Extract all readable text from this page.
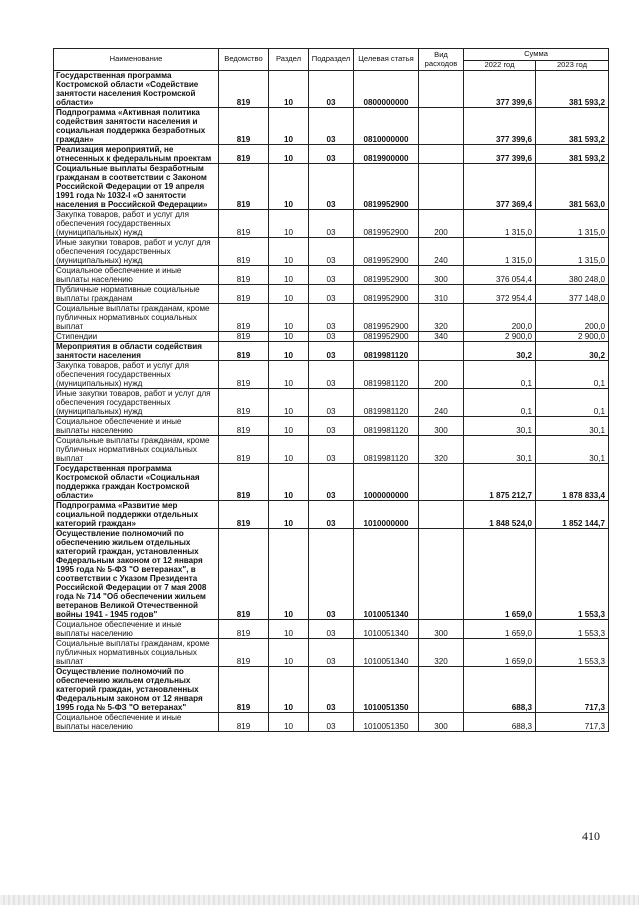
Наименование	Ведомство	Раздел	Подраздел	Целевая статья	Вид расходов	Сумма	
						2022 год	2023 год
Государственная программа Костромской области «Содействие занятости населения Костромской области»	819	10	03	0800000000		377 399,6	381 593,2
Подпрограмма «Активная политика содействия занятости населения и социальная поддержка безработных граждан»	819	10	03	0810000000		377 399,6	381 593,2
Реализация мероприятий, не отнесенных к федеральным проектам	819	10	03	0819900000		377 399,6	381 593,2
Социальные выплаты безработным гражданам в соответствии с Законом Российской Федерации от 19 апреля 1991 года № 1032-I «О занятости населения в Российской Федерации»	819	10	03	0819952900		377 369,4	381 563,0
Закупка товаров, работ и услуг для обеспечения государственных (муниципальных) нужд	819	10	03	0819952900	200	1 315,0	1 315,0
Иные закупки товаров, работ и услуг для обеспечения государственных (муниципальных) нужд	819	10	03	0819952900	240	1 315,0	1 315,0
Социальное обеспечение и иные выплаты населению	819	10	03	0819952900	300	376 054,4	380 248,0
Публичные нормативные социальные выплаты гражданам	819	10	03	0819952900	310	372 954,4	377 148,0
Социальные выплаты гражданам, кроме публичных нормативных социальных выплат	819	10	03	0819952900	320	200,0	200,0
Стипендии	819	10	03	0819952900	340	2 900,0	2 900,0
Мероприятия в области содействия занятости населения	819	10	03	0819981120		30,2	30,2
Закупка товаров, работ и услуг для обеспечения государственных (муниципальных) нужд	819	10	03	0819981120	200	0,1	0,1
Иные закупки товаров, работ и услуг для обеспечения государственных (муниципальных) нужд	819	10	03	0819981120	240	0,1	0,1
Социальное обеспечение и иные выплаты населению	819	10	03	0819981120	300	30,1	30,1
Социальные выплаты гражданам, кроме публичных нормативных социальных выплат	819	10	03	0819981120	320	30,1	30,1
Государственная программа Костромской области «Социальная поддержка граждан Костромской области»	819	10	03	1000000000		1 875 212,7	1 878 833,4
Подпрограмма «Развитие мер социальной поддержки отдельных категорий граждан»	819	10	03	1010000000		1 848 524,0	1 852 144,7
Осуществление полномочий по обеспечению жильем отдельных категорий граждан, установленных Федеральным законом от 12 января 1995 года № 5-ФЗ "О ветеранах", в соответствии с Указом Президента Российской Федерации от 7 мая 2008 года № 714 "Об обеспечении жильем ветеранов Великой Отечественной войны 1941 - 1945 годов"	819	10	03	1010051340		1 659,0	1 553,3
Социальное обеспечение и иные выплаты населению	819	10	03	1010051340	300	1 659,0	1 553,3
Социальные выплаты гражданам, кроме публичных нормативных социальных выплат	819	10	03	1010051340	320	1 659,0	1 553,3
Осуществление полномочий по обеспечению жильем отдельных категорий граждан, установленных Федеральным законом от 12 января 1995 года № 5-ФЗ "О ветеранах"	819	10	03	1010051350		688,3	717,3
Социальное обеспечение и иные выплаты населению	819	10	03	1010051350	300	688,3	717,3
410
